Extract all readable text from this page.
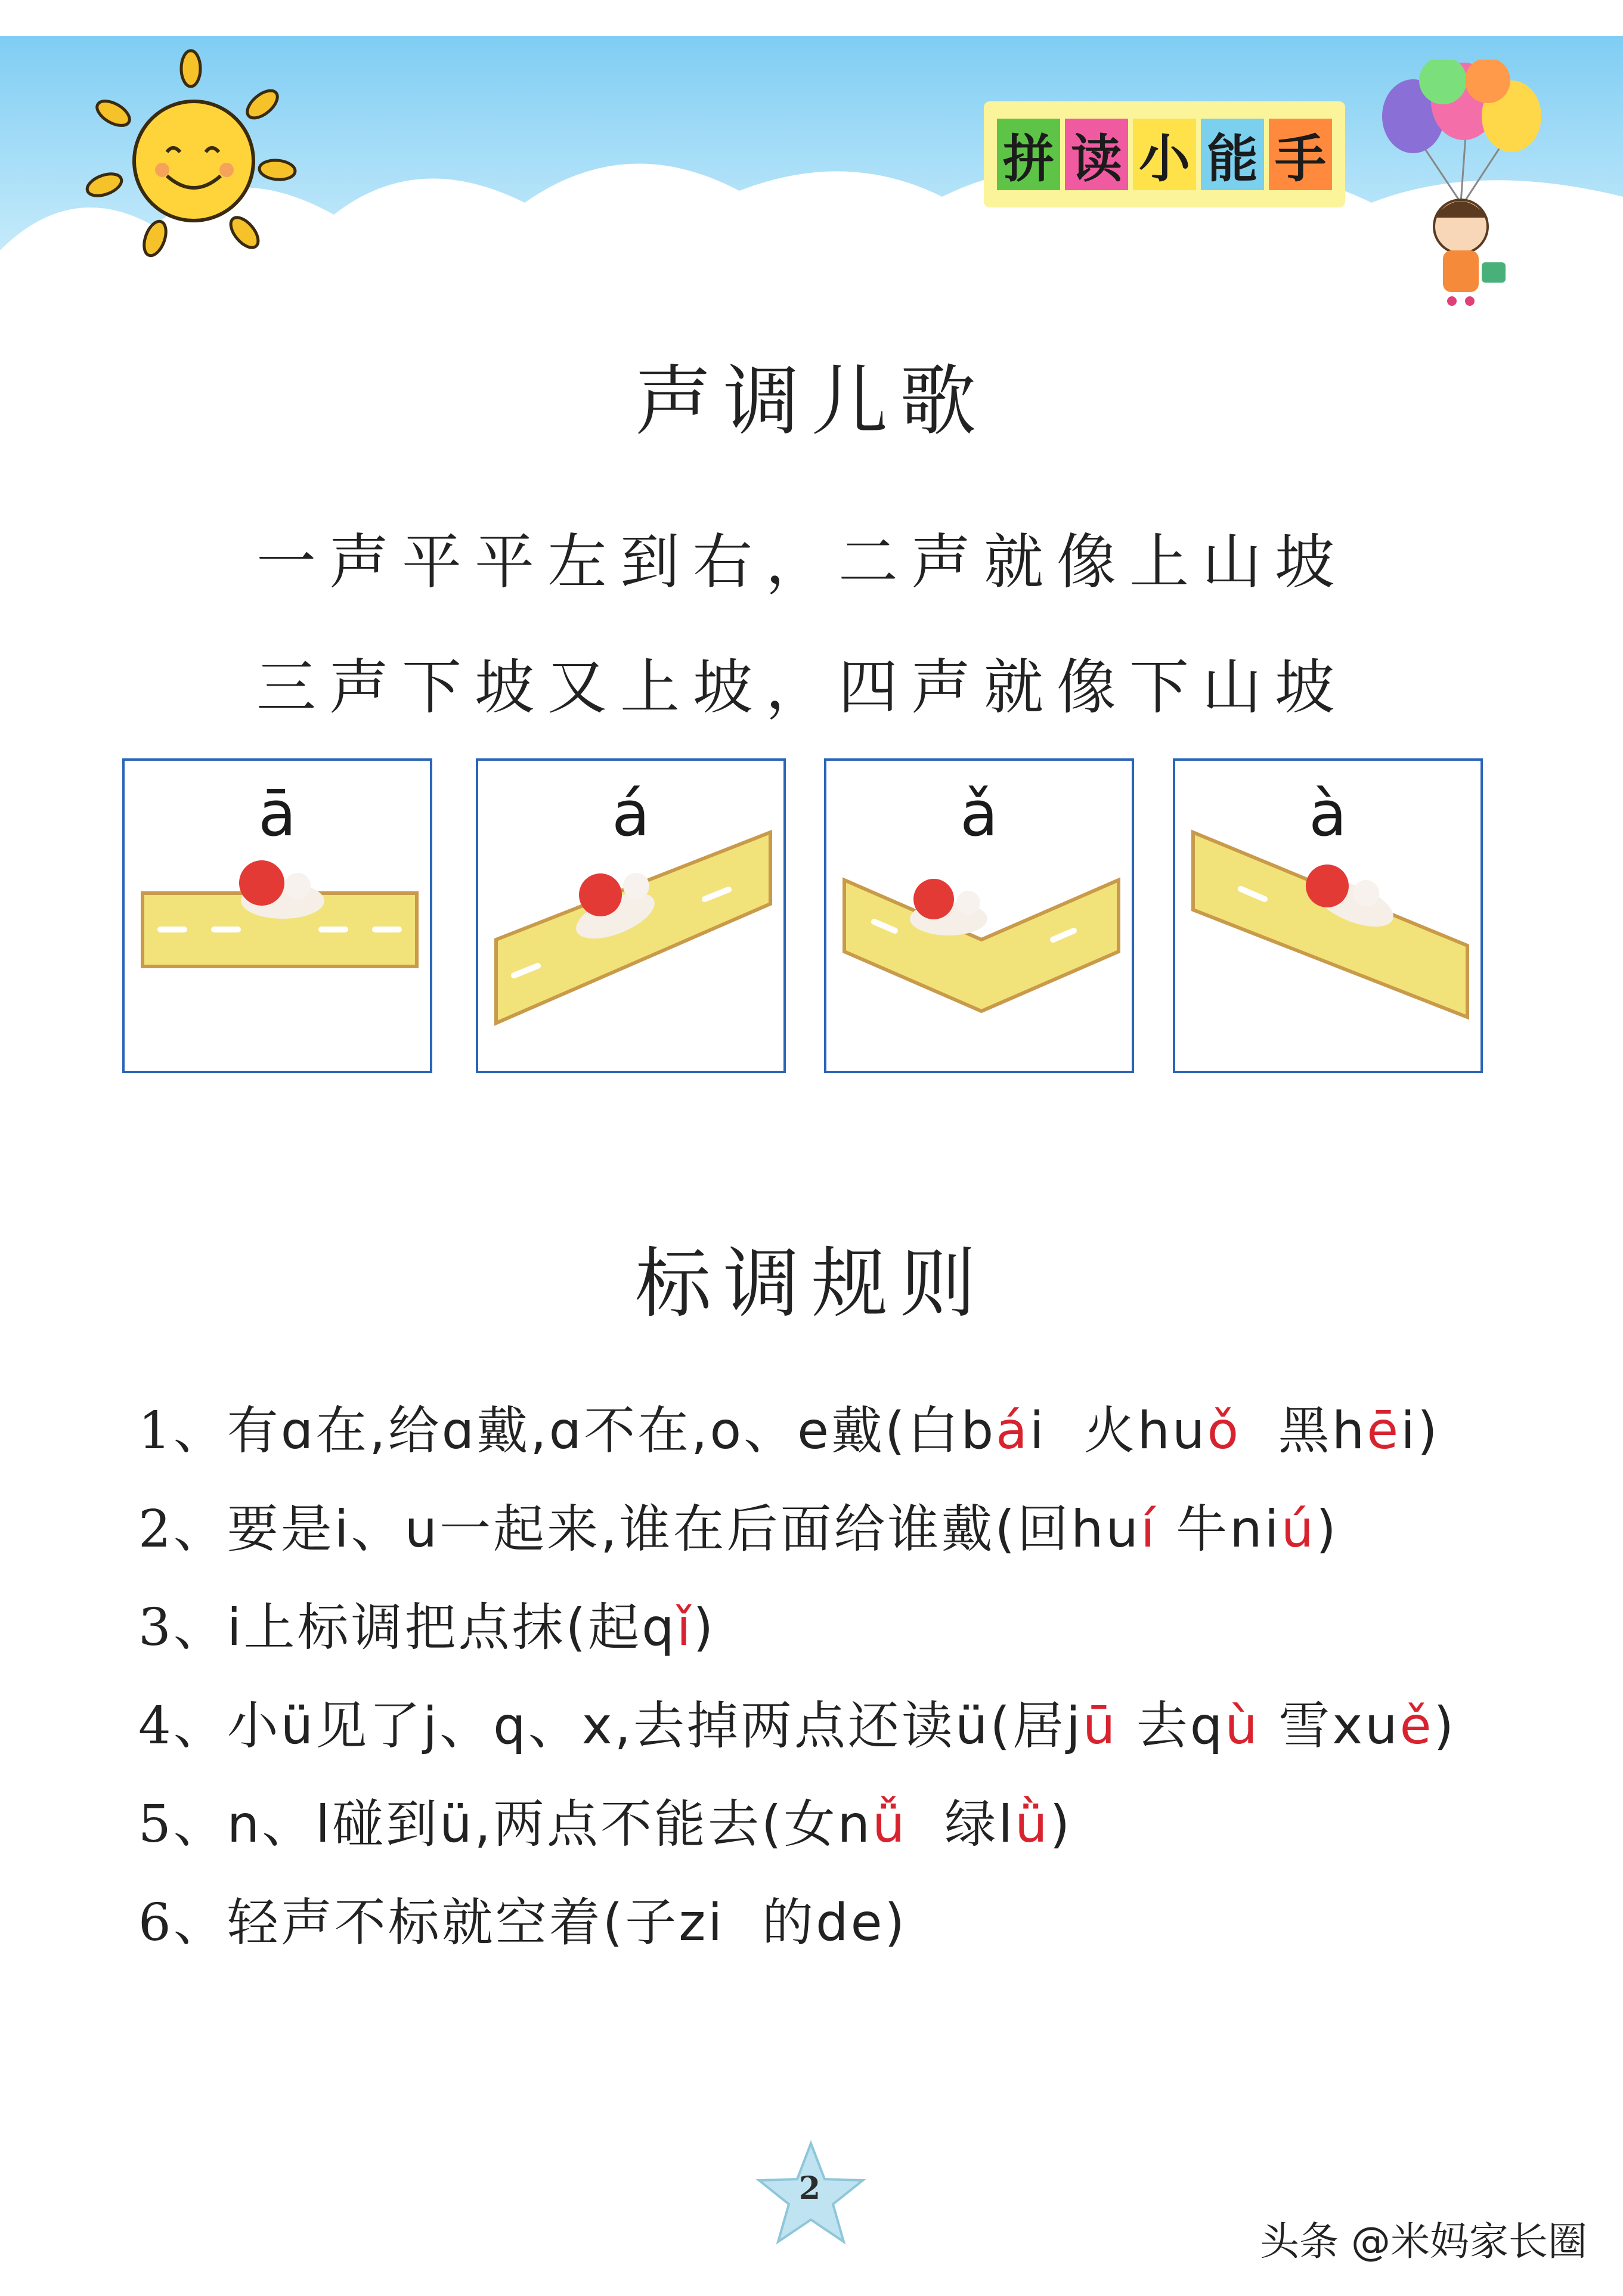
拼 读 小 能 手
声调儿歌
一声平平左到右，二声就像上山坡
三声下坡又上坡，四声就像下山坡
ā	á	ǎ	à
标调规则
1、有ɑ在,给ɑ戴,ɑ不在,o、e戴(白bái  火huǒ  黑hēi)
2、要是i、u一起来,谁在后面给谁戴(回huí 牛niú)
3、i上标调把点抹(起qǐ)
4、小ü见了j、q、x,去掉两点还读ü(居jū 去qù 雪xuě)
5、n、l碰到ü,两点不能去(女nǚ  绿lǜ)
6、轻声不标就空着(子zi  的de)
2
头条 @米妈家长圈
